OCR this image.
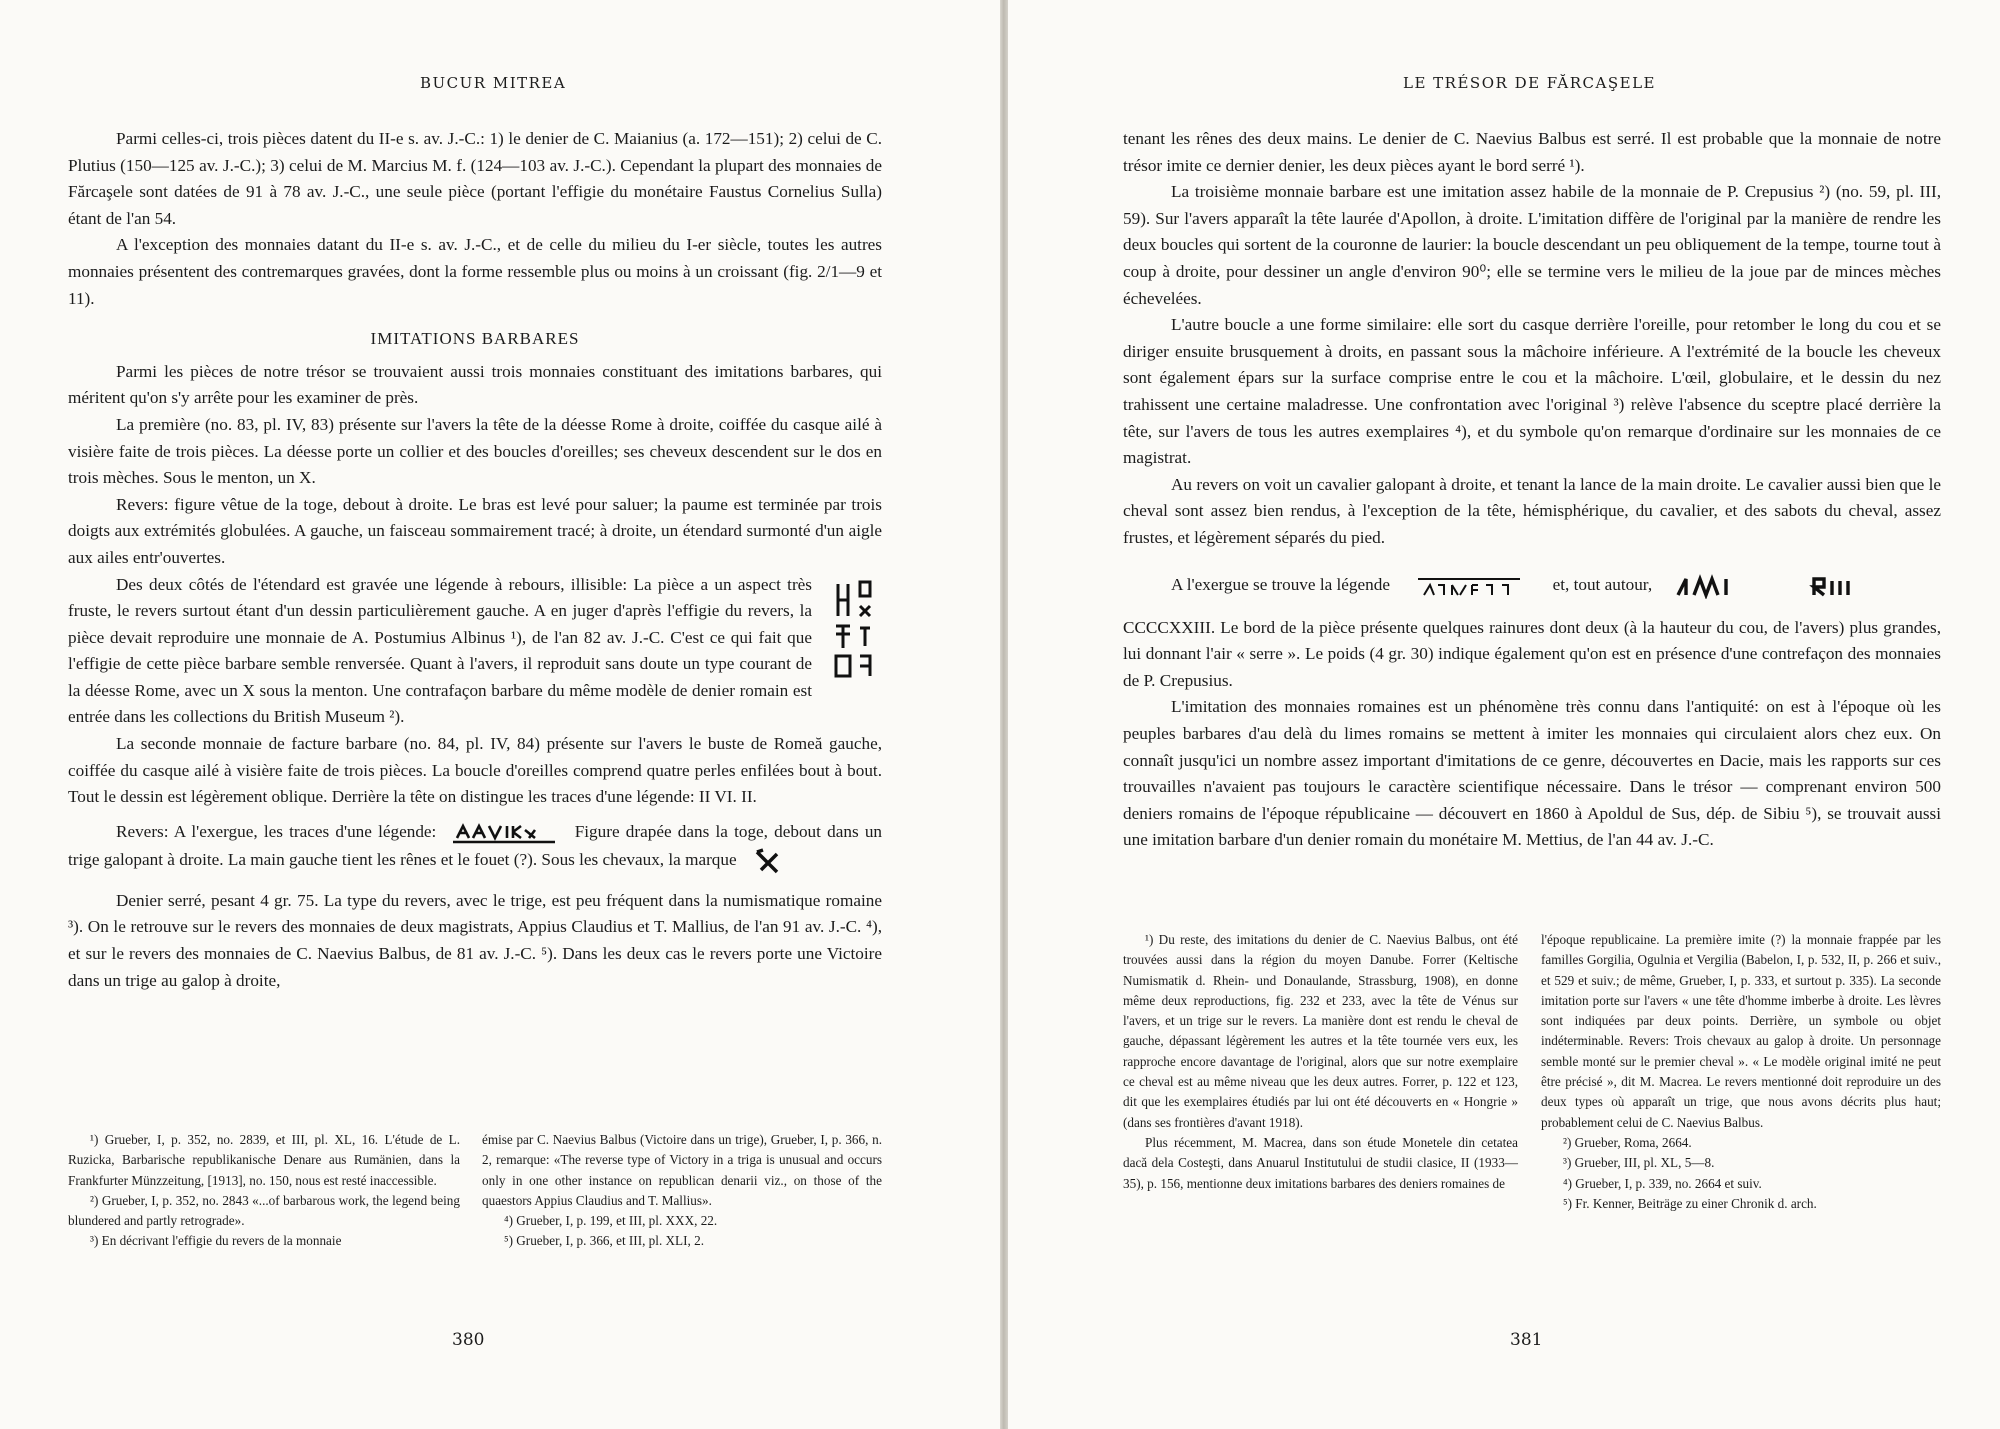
BUCUR MITREA

Parmi celles-ci, trois pièces datent du II-e s. av. J.-C.: 1) le denier de C. Maianius (a. 172—151); 2) celui de C. Plutius (150—125 av. J.-C.); 3) celui de M. Marcius M. f. (124—103 av. J.-C.). Cependant la plupart des monnaies de Fărcaşele sont datées de 91 à 78 av. J.-C., une seule pièce (portant l'effigie du monétaire Faustus Cornelius Sulla) étant de l'an 54.

A l'exception des monnaies datant du II-e s. av. J.-C., et de celle du milieu du I-er siècle, toutes les autres monnaies présentent des contremarques gravées, dont la forme ressemble plus ou moins à un croissant (fig. 2/1—9 et 11).

IMITATIONS BARBARES

Parmi les pièces de notre trésor se trouvaient aussi trois monnaies constituant des imitations barbares, qui méritent qu'on s'y arrête pour les examiner de près.

La première (no. 83, pl. IV, 83) présente sur l'avers la tête de la déesse Rome à droite, coiffée du casque ailé à visière faite de trois pièces. La déesse porte un collier et des boucles d'oreilles; ses cheveux descendent sur le dos en trois mèches. Sous le menton, un X.

Revers: figure vêtue de la toge, debout à droite. Le bras est levé pour saluer; la paume est terminée par trois doigts aux extrémités globulées. A gauche, un faisceau sommairement tracé; à droite, un étendard surmonté d'un aigle aux ailes entr'ouvertes.

Des deux côtés de l'étendard est gravée une légende à rebours, illisible: La pièce a un aspect très fruste, le revers surtout étant d'un dessin particulièrement gauche. A en juger d'après l'effigie du revers, la pièce devait reproduire une monnaie de A. Postumius Albinus ¹), de l'an 82 av. J.-C. C'est ce qui fait que l'effigie de cette pièce barbare semble renversée. Quant à l'avers, il reproduit sans doute un type courant de la déesse Rome, avec un X sous la menton. Une contrafaçon barbare du même modèle de denier romain est entrée dans les collections du British Museum ²).

La seconde monnaie de facture barbare (no. 84, pl. IV, 84) présente sur l'avers le buste de Romeă gauche, coiffée du casque ailé à visière faite de trois pièces. La boucle d'oreilles comprend quatre perles enfilées bout à bout. Tout le dessin est légèrement oblique. Derrière la tête on distingue les traces d'une légende: II VI. II.

Revers: A l'exergue, les traces d'une légende:	Figure drapée dans la toge, debout dans un trige galopant à droite. La main gauche tient les rênes et le fouet (?). Sous les chevaux, la marque

Denier serré, pesant 4 gr. 75. La type du revers, avec le trige, est peu fréquent dans la numismatique romaine ³). On le retrouve sur le revers des monnaies de deux magistrats, Appius Claudius et T. Mallius, de l'an 91 av. J.-C. ⁴), et sur le revers des monnaies de C. Naevius Balbus, de 81 av. J.-C. ⁵). Dans les deux cas le revers porte une Victoire dans un trige au galop à droite,

¹) Grueber, I, p. 352, no. 2839, et III, pl. XL, 16. L'étude de L. Ruzicka, Barbarische republikanische Denare aus Rumänien, dans la Frankfurter Münzzeitung, [1913], no. 150, nous est resté inaccessible.

²) Grueber, I, p. 352, no. 2843 «...of barbarous work, the legend being blundered and partly retrograde».

³) En décrivant l'effigie du revers de la monnaie

émise par C. Naevius Balbus (Victoire dans un trige), Grueber, I, p. 366, n. 2, remarque: «The reverse type of Victory in a triga is unusual and occurs only in one other instance on republican denarii viz., on those of the quaestors Appius Claudius and T. Mallius».

⁴) Grueber, I, p. 199, et III, pl. XXX, 22.

⁵) Grueber, I, p. 366, et III, pl. XLI, 2.

380
LE TRÉSOR DE FĂRCAŞELE

tenant les rênes des deux mains. Le denier de C. Naevius Balbus est serré. Il est probable que la monnaie de notre trésor imite ce dernier denier, les deux pièces ayant le bord serré ¹).

La troisième monnaie barbare est une imitation assez habile de la monnaie de P. Crepusius ²) (no. 59, pl. III, 59). Sur l'avers apparaît la tête laurée d'Apollon, à droite. L'imitation diffère de l'original par la manière de rendre les deux boucles qui sortent de la couronne de laurier: la boucle descendant un peu obliquement de la tempe, tourne tout à coup à droite, pour dessiner un angle d'environ 90⁰; elle se termine vers le milieu de la joue par de minces mèches échevelées.

L'autre boucle a une forme similaire: elle sort du casque derrière l'oreille, pour retomber le long du cou et se diriger ensuite brusquement à droits, en passant sous la mâchoire inférieure. A l'extrémité de la boucle les cheveux sont également épars sur la surface comprise entre le cou et la mâchoire. L'œil, globulaire, et le dessin du nez trahissent une certaine maladresse. Une confrontation avec l'original ³) relève l'absence du sceptre placé derrière la tête, sur l'avers de tous les autres exemplaires ⁴), et du symbole qu'on remarque d'ordinaire sur les monnaies de ce magistrat.

Au revers on voit un cavalier galopant à droite, et tenant la lance de la main droite. Le cavalier aussi bien que le cheval sont assez bien rendus, à l'exception de la tête, hémisphérique, du cavalier, et des sabots du cheval, assez frustes, et légèrement séparés du pied.

A l'exergue se trouve la légende	et, tout autour,

CCCCXXIII. Le bord de la pièce présente quelques rainures dont deux (à la hauteur du cou, de l'avers) plus grandes, lui donnant l'air « serre ». Le poids (4 gr. 30) indique également qu'on est en présence d'une contrefaçon des monnaies de P. Crepusius.

L'imitation des monnaies romaines est un phénomène très connu dans l'antiquité: on est à l'époque où les peuples barbares d'au delà du limes romains se mettent à imiter les monnaies qui circulaient alors chez eux. On connaît jusqu'ici un nombre assez important d'imitations de ce genre, découvertes en Dacie, mais les rapports sur ces trouvailles n'avaient pas toujours le caractère scientifique nécessaire. Dans le trésor — comprenant environ 500 deniers romains de l'époque républicaine — découvert en 1860 à Apoldul de Sus, dép. de Sibiu ⁵), se trouvait aussi une imitation barbare d'un denier romain du monétaire M. Mettius, de l'an 44 av. J.-C.

¹) Du reste, des imitations du denier de C. Naevius Balbus, ont été trouvées aussi dans la région du moyen Danube. Forrer (Keltische Numismatik d. Rhein- und Donaulande, Strassburg, 1908), en donne même deux reproductions, fig. 232 et 233, avec la tête de Vénus sur l'avers, et un trige sur le revers. La manière dont est rendu le cheval de gauche, dépassant légèrement les autres et la tête tournée vers eux, les rapproche encore davantage de l'original, alors que sur notre exemplaire ce cheval est au même niveau que les deux autres. Forrer, p. 122 et 123, dit que les exemplaires étudiés par lui ont été découverts en « Hongrie » (dans ses frontières d'avant 1918).

Plus récemment, M. Macrea, dans son étude Monetele din cetatea dacă dela Costeşti, dans Anuarul Institutului de studii clasice, II (1933—35), p. 156, mentionne deux imitations barbares des deniers romaines de

l'époque republicaine. La première imite (?) la monnaie frappée par les familles Gorgilia, Ogulnia et Vergilia (Babelon, I, p. 532, II, p. 266 et suiv., et 529 et suiv.; de même, Grueber, I, p. 333, et surtout p. 335). La seconde imitation porte sur l'avers « une tête d'homme imberbe à droite. Les lèvres sont indiquées par deux points. Derrière, un symbole ou objet indéterminable. Revers: Trois chevaux au galop à droite. Un personnage semble monté sur le premier cheval ». « Le modèle original imité ne peut être précisé », dit M. Macrea. Le revers mentionné doit reproduire un des deux types où apparaît un trige, que nous avons décrits plus haut; probablement celui de C. Naevius Balbus.

²) Grueber, Roma, 2664.

³) Grueber, III, pl. XL, 5—8.

⁴) Grueber, I, p. 339, no. 2664 et suiv.

⁵) Fr. Kenner, Beiträge zu einer Chronik d. arch.

381
